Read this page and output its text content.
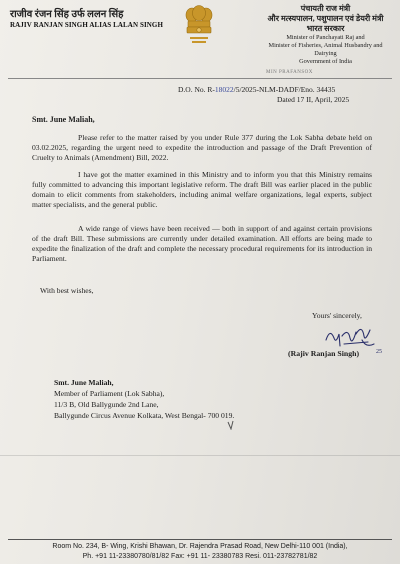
राजीव रंजन सिंह उर्फ ललन सिंह
RAJIV RANJAN SINGH ALIAS LALAN SINGH
पंचायती राज मंत्री
और मत्स्यपालन, पशुपालन एवं डेयरी मंत्री
भारत सरकार
Minister of Panchayati Raj and
Minister of Fisheries, Animal Husbandry and Dairying
Government of India
MIN PRAFANSOX
D.O. No. R-18022/5/2025-NLM-DADF/Eno. 34435
Dated 17 II, April, 2025
Smt. June Maliah,
Please refer to the matter raised by you under Rule 377 during the Lok Sabha debate held on 03.02.2025, regarding the urgent need to expedite the introduction and passage of the Draft Prevention of Cruelty to Animals (Amendment) Bill, 2022.
I have got the matter examined in this Ministry and to inform you that this Ministry remains fully committed to advancing this important legislative reform. The draft Bill was earlier placed in the public domain to elicit comments from stakeholders, including animal welfare organizations, legal experts, subject matter specialists, and the general public.
A wide range of views have been received — both in support of and against certain provisions of the draft Bill. These submissions are currently under detailed examination. All efforts are being made to expedite the finalization of the draft and complete the necessary procedural requirements for its introduction in Parliament.
With best wishes,
Yours' sincerely,
25
(Rajiv Ranjan Singh)
Smt. June Maliah,
Member of Parliament (Lok Sabha),
11/3 B, Old Ballygunde 2nd Lane,
Ballygunde Circus Avenue Kolkata, West Bengal- 700 019.
Room No. 234, B- Wing, Krishi Bhawan, Dr. Rajendra Prasad Road, New Delhi-110 001 (India),
Ph. +91 11-23380780/81/82 Fax: +91 11- 23380783 Resi. 011-23782781/82
